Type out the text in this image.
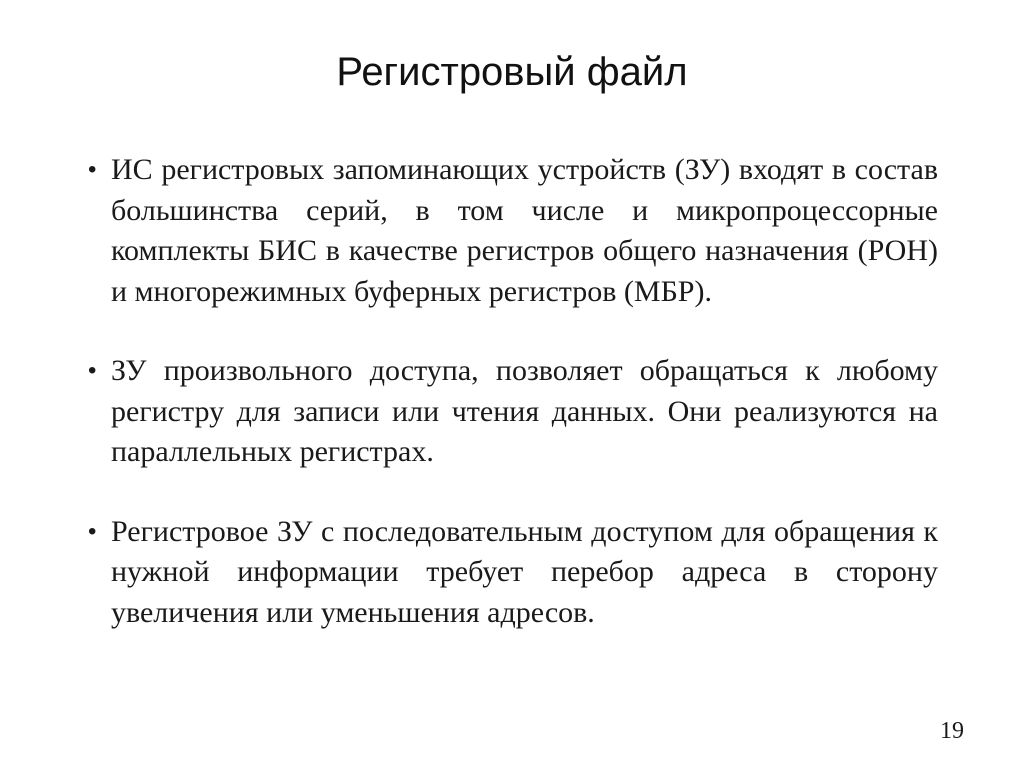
Регистровый файл
• ИС регистровых запоминающих устройств (ЗУ) входят в состав большинства серий, в том числе и микропроцессорные комплекты БИС в качестве регистров общего назначения (РОН) и многорежимных буферных регистров (МБР).
• ЗУ произвольного доступа, позволяет обращаться к любому регистру для записи или чтения данных. Они реализуются на параллельных регистрах.
• Регистровое ЗУ с последовательным доступом для обращения к нужной информации требует перебор адреса в сторону увеличения или уменьшения адресов.
19
